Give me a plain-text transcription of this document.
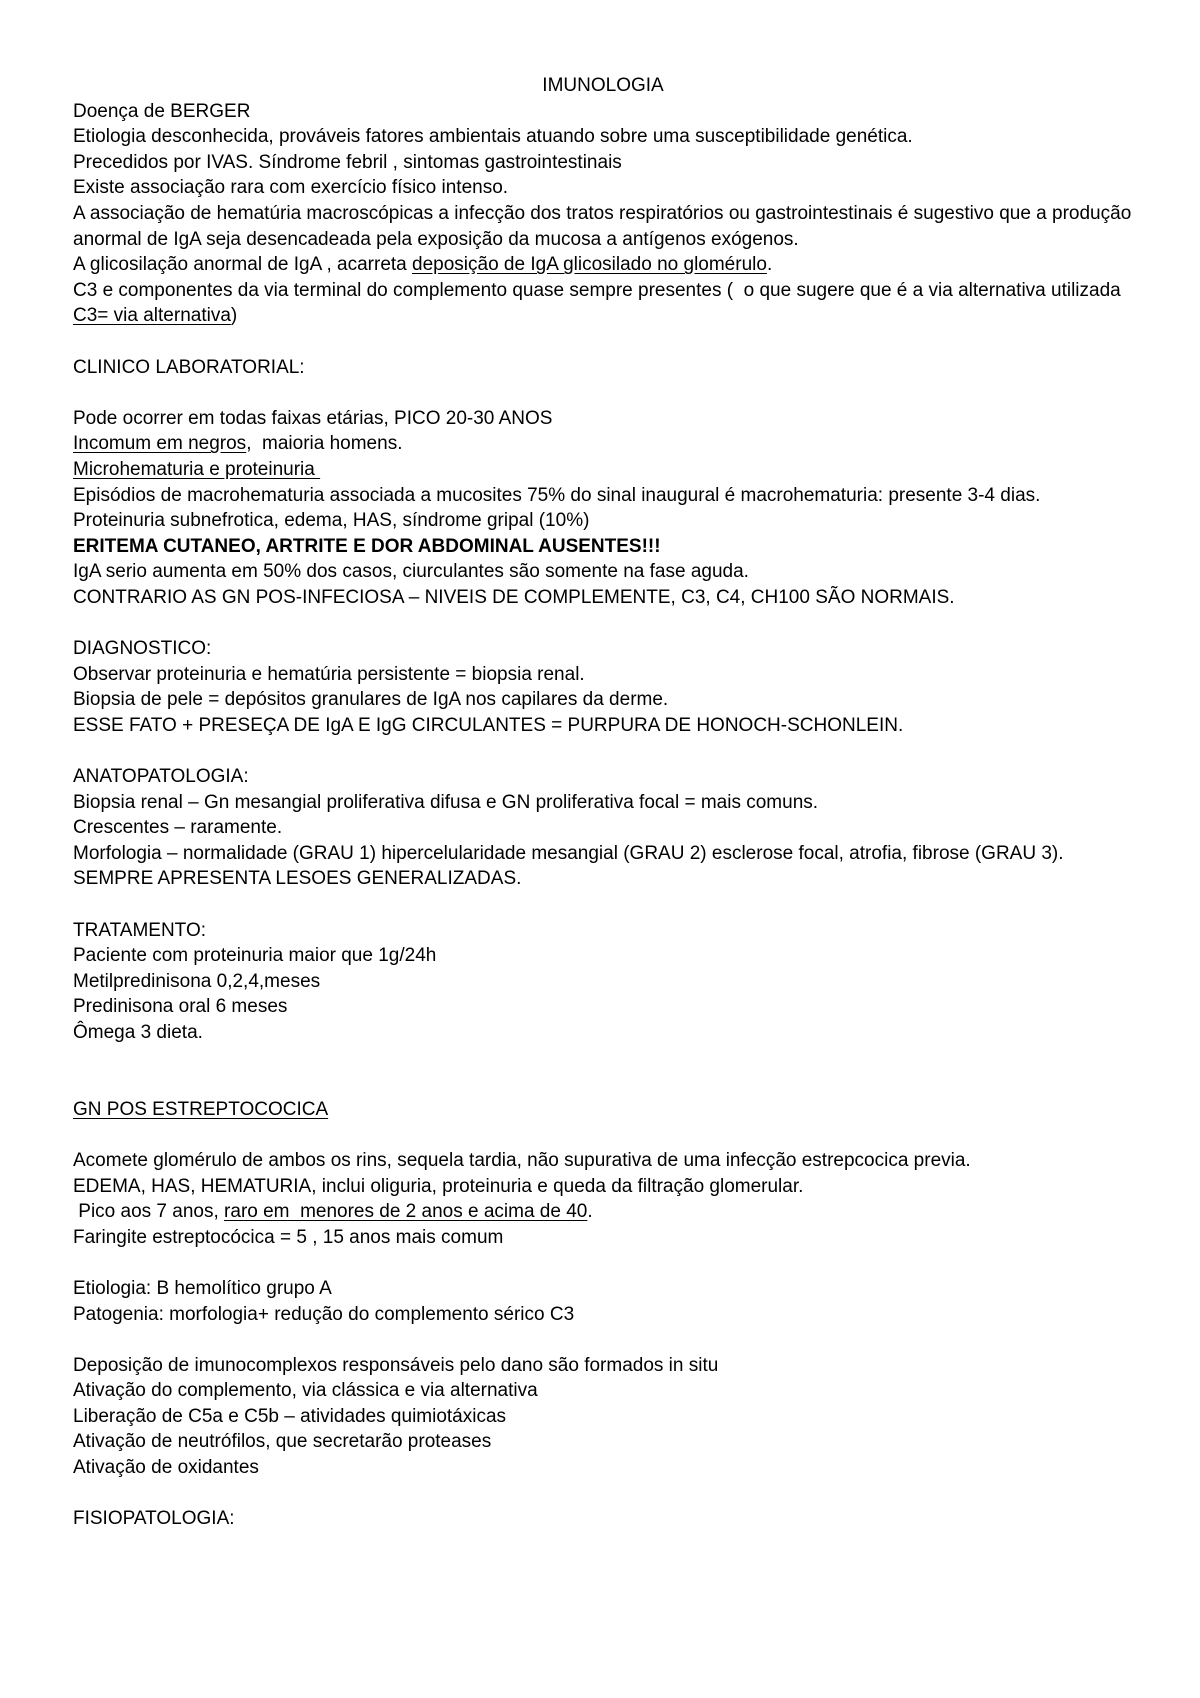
IMUNOLOGIA
Doença de BERGER
Etiologia desconhecida, prováveis fatores ambientais atuando sobre uma susceptibilidade genética.
Precedidos por IVAS. Síndrome febril , sintomas gastrointestinais
Existe associação rara com exercício físico intenso.
A associação de hematúria macroscópicas a infecção dos tratos respiratórios ou gastrointestinais é sugestivo que a produção anormal de IgA seja desencadeada pela exposição da mucosa a antígenos exógenos.
A glicosilação anormal de IgA , acarreta deposição de IgA glicosilado no glomérulo.
C3 e componentes da via terminal do complemento quase sempre presentes (  o que sugere que é a via alternativa utilizada C3= via alternativa)
CLINICO LABORATORIAL:
Pode ocorrer em todas faixas etárias, PICO 20-30 ANOS
Incomum em negros,  maioria homens.
Microhematuria e proteinuria
Episódios de macrohematuria associada a mucosites 75% do sinal inaugural é macrohematuria: presente 3-4 dias.
Proteinuria subnefrotica, edema, HAS, síndrome gripal (10%)
ERITEMA CUTANEO, ARTRITE E DOR ABDOMINAL AUSENTES!!!
IgA serio aumenta em 50% dos casos, ciurculantes são somente na fase aguda.
CONTRARIO AS GN POS-INFECIOSA – NIVEIS DE COMPLEMENTE, C3, C4, CH100 SÃO NORMAIS.
DIAGNOSTICO:
Observar proteinuria e hematúria persistente = biopsia renal.
Biopsia de pele = depósitos granulares de IgA nos capilares da derme.
ESSE FATO + PRESEÇA DE IgA E IgG CIRCULANTES = PURPURA DE HONOCH-SCHONLEIN.
ANATOPATOLOGIA:
Biopsia renal – Gn mesangial proliferativa difusa e GN proliferativa focal = mais comuns.
Crescentes – raramente.
Morfologia – normalidade (GRAU 1) hipercelularidade mesangial (GRAU 2) esclerose focal, atrofia, fibrose (GRAU 3).
SEMPRE APRESENTA LESOES GENERALIZADAS.
TRATAMENTO:
Paciente com proteinuria maior que 1g/24h
Metilpredinisona 0,2,4,meses
Predinisona oral 6 meses
Ômega 3 dieta.
GN POS ESTREPTOCOCICA
Acomete glomérulo de ambos os rins, sequela tardia, não supurativa de uma infecção estrepcocica previa.
EDEMA, HAS, HEMATURIA, inclui oliguria, proteinuria e queda da filtração glomerular.
Pico aos 7 anos, raro em  menores de 2 anos e acima de 40.
Faringite estreptocócica = 5 , 15 anos mais comum
Etiologia: B hemolítico grupo A
Patogenia: morfologia+ redução do complemento sérico C3
Deposição de imunocomplexos responsáveis pelo dano são formados in situ
Ativação do complemento, via clássica e via alternativa
Liberação de C5a e C5b – atividades quimiotáxicas
Ativação de neutrófilos, que secretarão proteases
Ativação de oxidantes
FISIOPATOLOGIA:
